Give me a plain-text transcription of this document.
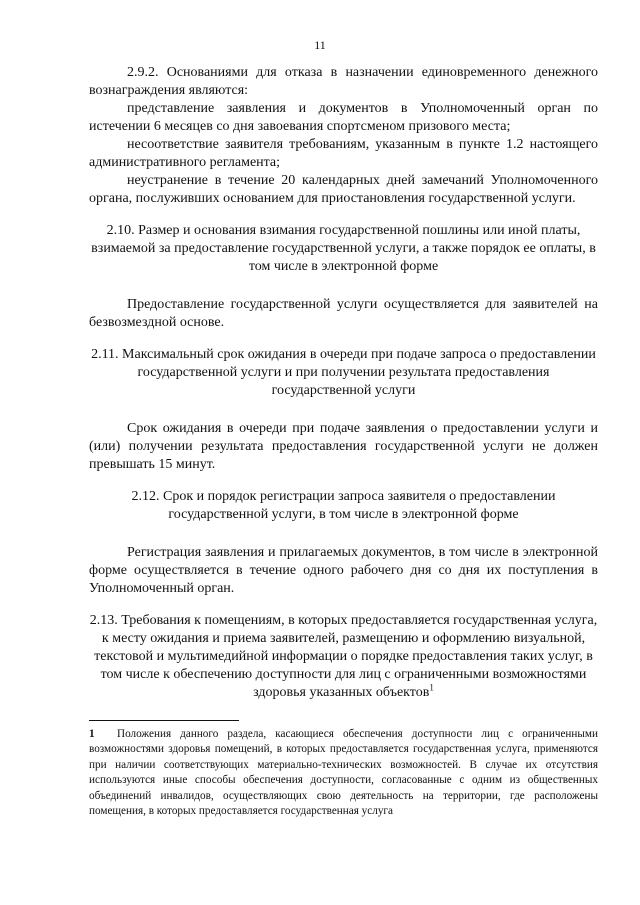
11

2.9.2. Основаниями для отказа в назначении единовременного денежного вознаграждения являются:

представление заявления и документов в Уполномоченный орган по истечении 6 месяцев со дня завоевания спортсменом призового места;

несоответствие заявителя требованиям, указанным в пункте 1.2 настоящего административного регламента;

неустранение в течение 20 календарных дней замечаний Уполномоченного органа, послуживших основанием для приостановления государственной услуги.

2.10. Размер и основания взимания государственной пошлины или иной платы, взимаемой за предоставление государственной услуги, а также порядок ее оплаты, в том числе в электронной форме

Предоставление государственной услуги осуществляется для заявителей на безвозмездной основе.

2.11. Максимальный срок ожидания в очереди при подаче запроса о предоставлении государственной услуги и при получении результата предоставления государственной услуги

Срок ожидания в очереди при подаче заявления о предоставлении услуги и (или) получении результата предоставления государственной услуги не должен превышать 15 минут.

2.12. Срок и порядок регистрации запроса заявителя о предоставлении государственной услуги, в том числе в электронной форме

Регистрация заявления и прилагаемых документов, в том числе в электронной форме осуществляется в течение одного рабочего дня со дня их поступления в Уполномоченный орган.

2.13. Требования к помещениям, в которых предоставляется государственная услуга, к месту ожидания и приема заявителей, размещению и оформлению визуальной, текстовой и мультимедийной информации о порядке предоставления таких услуг, в том числе к обеспечению доступности для лиц с ограниченными возможностями здоровья указанных объектов$^1$

1 Положения данного раздела, касающиеся обеспечения доступности лиц с ограниченными возможностями здоровья помещений, в которых предоставляется государственная услуга, применяются при наличии соответствующих материально-технических возможностей. В случае их отсутствия используются иные способы обеспечения доступности, согласованные с одним из общественных объединений инвалидов, осуществляющих свою деятельность на территории, где расположены помещения, в которых предоставляется государственная услуга
